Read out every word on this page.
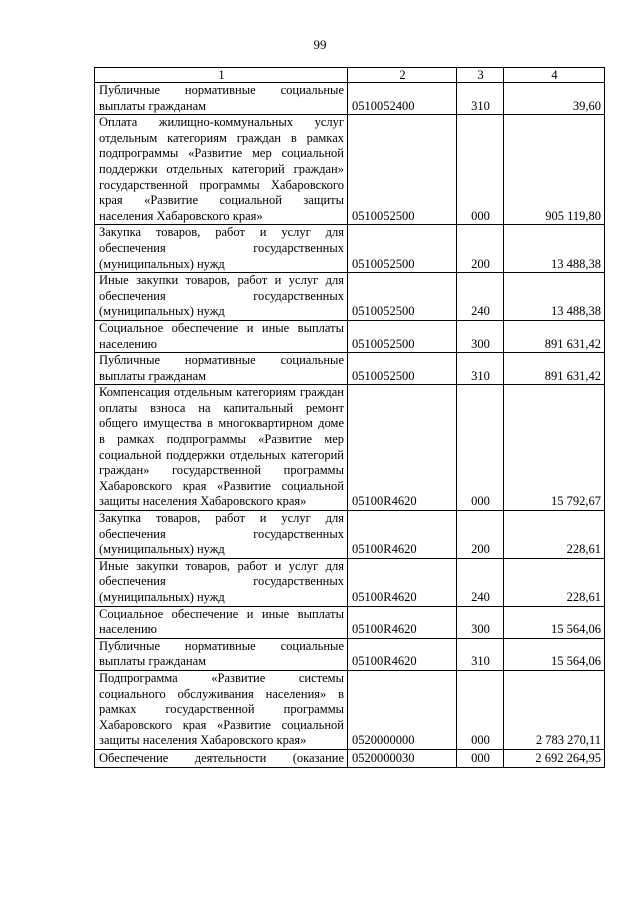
99
1	2	3	4
Публичные нормативные социальные выплаты гражданам	0510052400	310	39,60
Оплата жилищно-коммунальных услуг отдельным категориям граждан в рамках подпрограммы «Развитие мер социальной поддержки отдельных категорий граждан» государственной программы Хабаровского края «Развитие социальной защиты населения Хабаровского края»	0510052500	000	905 119,80
Закупка товаров, работ и услуг для обеспечения государственных (муниципальных) нужд	0510052500	200	13 488,38
Иные закупки товаров, работ и услуг для обеспечения государственных (муниципальных) нужд	0510052500	240	13 488,38
Социальное обеспечение и иные выплаты населению	0510052500	300	891 631,42
Публичные нормативные социальные выплаты гражданам	0510052500	310	891 631,42
Компенсация отдельным категориям граждан оплаты взноса на капитальный ремонт общего имущества в многоквартирном доме в рамках подпрограммы «Развитие мер социальной поддержки отдельных категорий граждан» государственной программы Хабаровского края «Развитие социальной защиты населения Хабаровского края»	05100R4620	000	15 792,67
Закупка товаров, работ и услуг для обеспечения государственных (муниципальных) нужд	05100R4620	200	228,61
Иные закупки товаров, работ и услуг для обеспечения государственных (муниципальных) нужд	05100R4620	240	228,61
Социальное обеспечение и иные выплаты населению	05100R4620	300	15 564,06
Публичные нормативные социальные выплаты гражданам	05100R4620	310	15 564,06
Подпрограмма «Развитие системы социального обслуживания населения» в рамках государственной программы Хабаровского края «Развитие социальной защиты населения Хабаровского края»	0520000000	000	2 783 270,11
Обеспечение деятельности (оказание	0520000030	000	2 692 264,95
